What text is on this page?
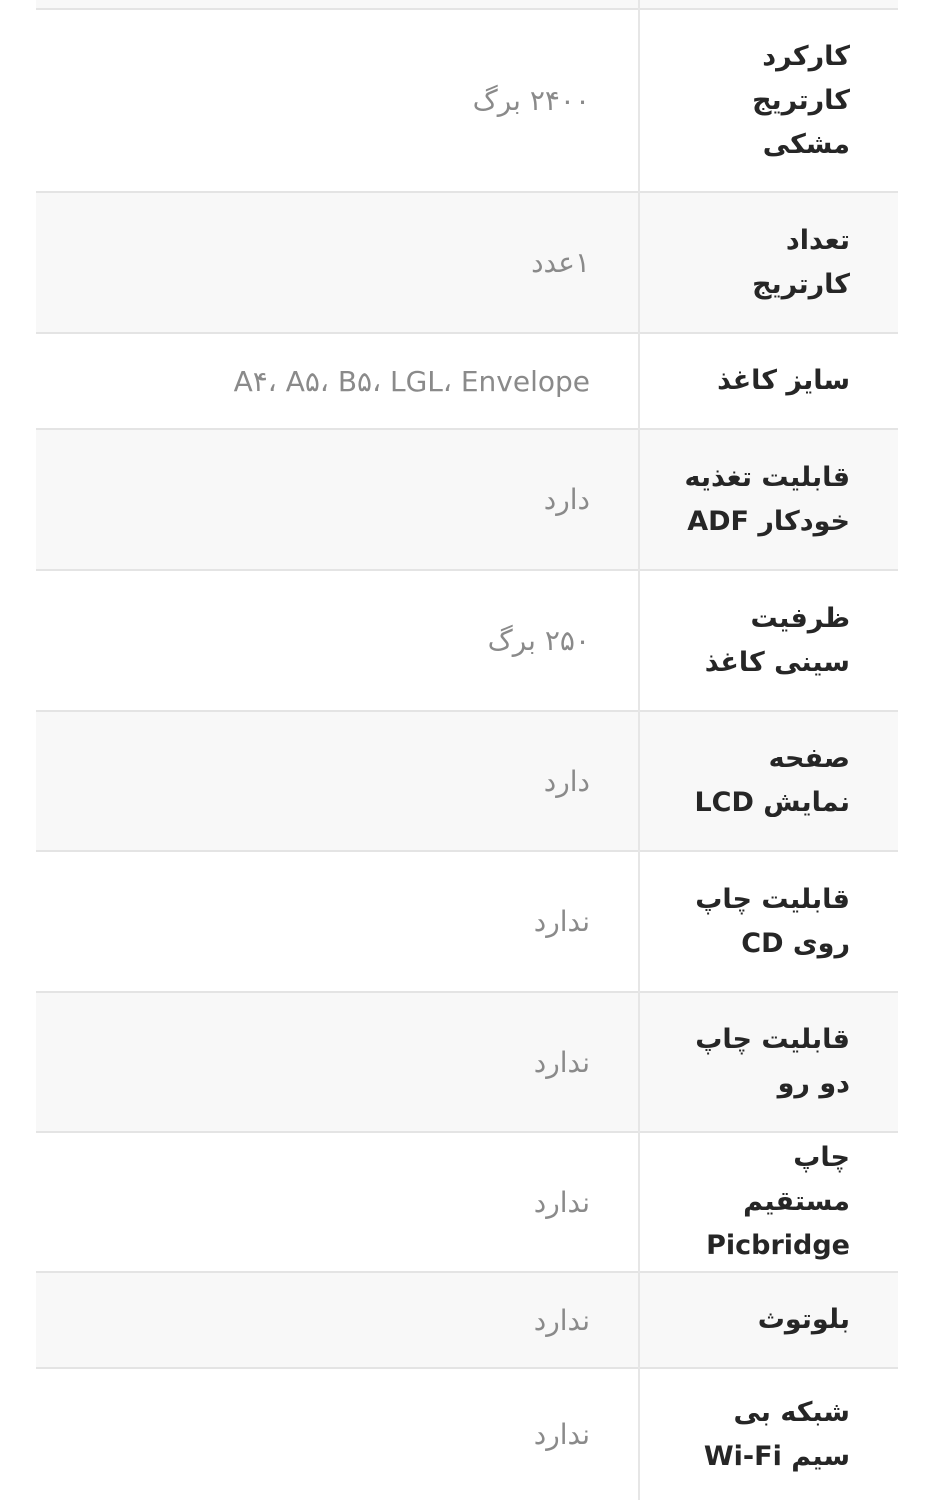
۲۴۰۰ برگ
کارکرد کارتریج مشکی
۱عدد
تعداد کارتریج
A۴، A۵، B۵، LGL، Envelope	سایز کاغذ
دارد
قابلیت تغذیه خودکار ADF
۲۵۰ برگ
ظرفیت سینی کاغذ
دارد
صفحه نمایش LCD
ندارد
قابلیت چاپ روی CD
ندارد
قابلیت چاپ دو رو
ندارد
چاپ مستقیم Picbridge
ندارد	بلوتوث
ندارد
شبکه بی سیم Wi-Fi
